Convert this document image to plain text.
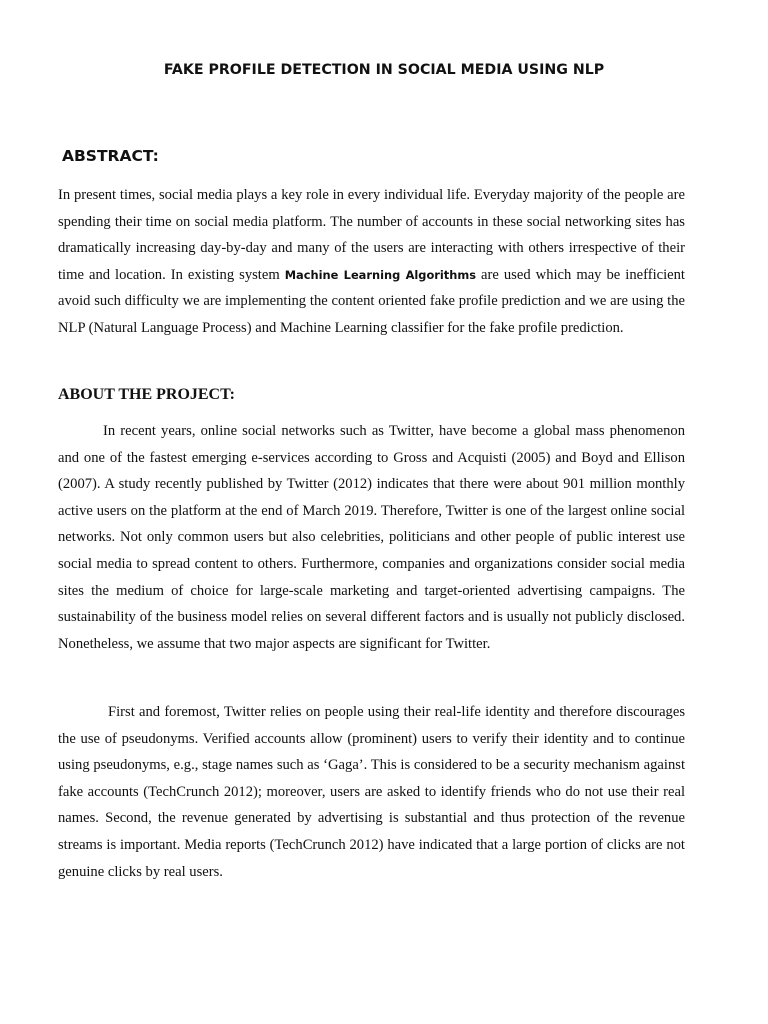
FAKE PROFILE DETECTION IN SOCIAL MEDIA USING NLP
ABSTRACT:

In present times, social media plays a key role in every individual life. Everyday majority of the people are spending their time on social media platform. The number of accounts in these social networking sites has dramatically increasing day-by-day and many of the users are interacting with others irrespective of their time and location. In existing system Machine Learning Algorithms are used which may be inefficient avoid such difficulty we are implementing the content oriented fake profile prediction and we are using the NLP (Natural Language Process) and Machine Learning classifier for the fake profile prediction.

ABOUT THE PROJECT:

In recent years, online social networks such as Twitter, have become a global mass phenomenon and one of the fastest emerging e-services according to Gross and Acquisti (2005) and Boyd and Ellison (2007). A study recently published by Twitter (2012) indicates that there were about 901 million monthly active users on the platform at the end of March 2019. Therefore, Twitter is one of the largest online social networks. Not only common users but also celebrities, politicians and other people of public interest use social media to spread content to others. Furthermore, companies and organizations consider social media sites the medium of choice for large-scale marketing and target-oriented advertising campaigns. The sustainability of the business model relies on several different factors and is usually not publicly disclosed. Nonetheless, we assume that two major aspects are significant for Twitter.

First and foremost, Twitter relies on people using their real-life identity and therefore discourages the use of pseudonyms. Verified accounts allow (prominent) users to verify their identity and to continue using pseudonyms, e.g., stage names such as ‘Gaga’. This is considered to be a security mechanism against fake accounts (TechCrunch 2012); moreover, users are asked to identify friends who do not use their real names. Second, the revenue generated by advertising is substantial and thus protection of the revenue streams is important. Media reports (TechCrunch 2012) have indicated that a large portion of clicks are not genuine clicks by real users.
